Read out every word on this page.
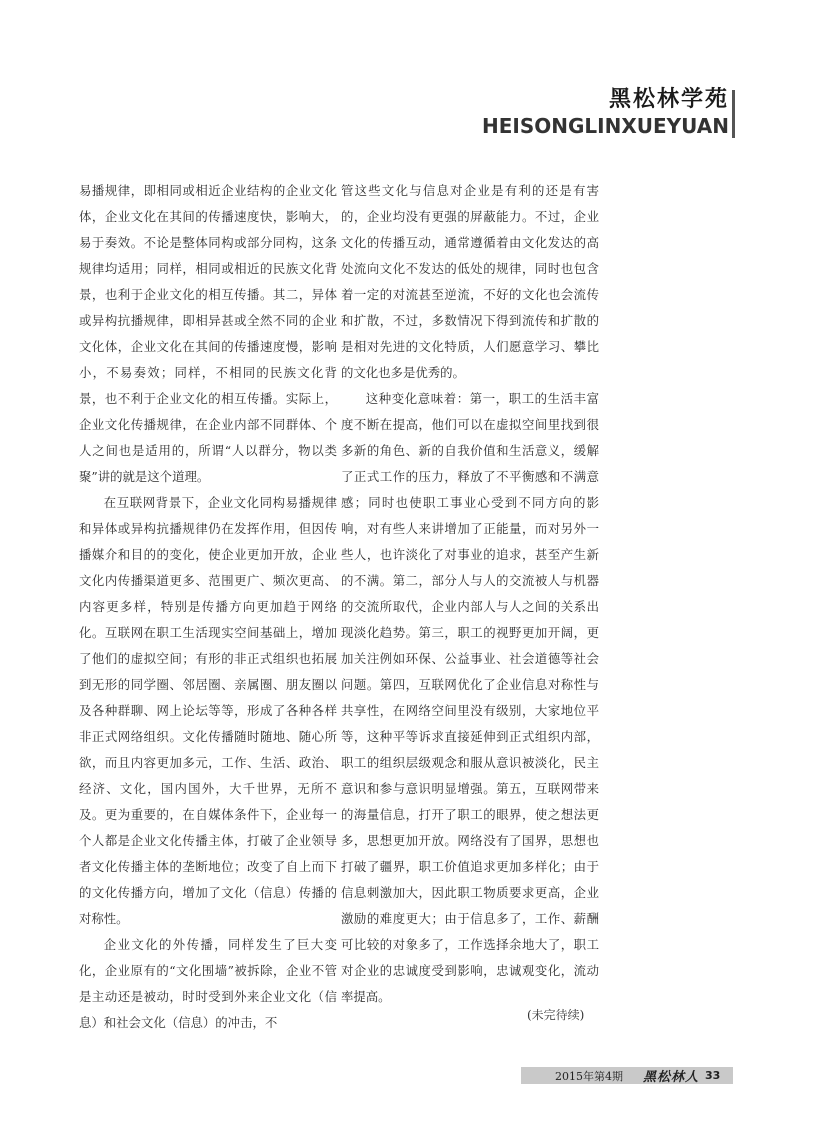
黑松林学苑
HEISONGLINXUEYUAN

易播规律，即相同或相近企业结构的企业文化体，企业文化在其间的传播速度快，影响大，易于奏效。不论是整体同构或部分同构，这条规律均适用；同样，相同或相近的民族文化背景，也利于企业文化的相互传播。其二，异体或异构抗播规律，即相异甚或全然不同的企业文化体，企业文化在其间的传播速度慢，影响小，不易奏效；同样，不相同的民族文化背景，也不利于企业文化的相互传播。实际上，企业文化传播规律，在企业内部不同群体、个人之间也是适用的，所谓“人以群分，物以类聚”讲的就是这个道理。

在互联网背景下，企业文化同构易播规律和异体或异构抗播规律仍在发挥作用，但因传播媒介和目的的变化，使企业更加开放，企业文化内传播渠道更多、范围更广、频次更高、内容更多样，特别是传播方向更加趋于网络化。互联网在职工生活现实空间基础上，增加了他们的虚拟空间；有形的非正式组织也拓展到无形的同学圈、邻居圈、亲属圈、朋友圈以及各种群聊、网上论坛等等，形成了各种各样非正式网络组织。文化传播随时随地、随心所欲，而且内容更加多元，工作、生活、政治、经济、文化，国内国外，大千世界，无所不及。更为重要的，在自媒体条件下，企业每一个人都是企业文化传播主体，打破了企业领导者文化传播主体的垄断地位；改变了自上而下的文化传播方向，增加了文化（信息）传播的对称性。

企业文化的外传播，同样发生了巨大变化，企业原有的“文化围墙”被拆除，企业不管是主动还是被动，时时受到外来企业文化（信息）和社会文化（信息）的冲击，不

管这些文化与信息对企业是有利的还是有害的，企业均没有更强的屏蔽能力。不过，企业文化的传播互动，通常遵循着由文化发达的高处流向文化不发达的低处的规律，同时也包含着一定的对流甚至逆流，不好的文化也会流传和扩散，不过，多数情况下得到流传和扩散的是相对先进的文化特质，人们愿意学习、攀比的文化也多是优秀的。

这种变化意味着：第一，职工的生活丰富度不断在提高，他们可以在虚拟空间里找到很多新的角色、新的自我价值和生活意义，缓解了正式工作的压力，释放了不平衡感和不满意感；同时也使职工事业心受到不同方向的影响，对有些人来讲增加了正能量，而对另外一些人，也许淡化了对事业的追求，甚至产生新的不满。第二，部分人与人的交流被人与机器的交流所取代，企业内部人与人之间的关系出现淡化趋势。第三，职工的视野更加开阔，更加关注例如环保、公益事业、社会道德等社会问题。第四，互联网优化了企业信息对称性与共享性，在网络空间里没有级别，大家地位平等，这种平等诉求直接延伸到正式组织内部，职工的组织层级观念和服从意识被淡化，民主意识和参与意识明显增强。第五，互联网带来的海量信息，打开了职工的眼界，使之想法更多，思想更加开放。网络没有了国界，思想也打破了疆界，职工价值追求更加多样化；由于信息刺激加大，因此职工物质要求更高，企业激励的难度更大；由于信息多了，工作、薪酬可比较的对象多了，工作选择余地大了，职工对企业的忠诚度受到影响，忠诚观变化，流动率提高。

(未完待续)
2015年第4期 黑松林人 33
